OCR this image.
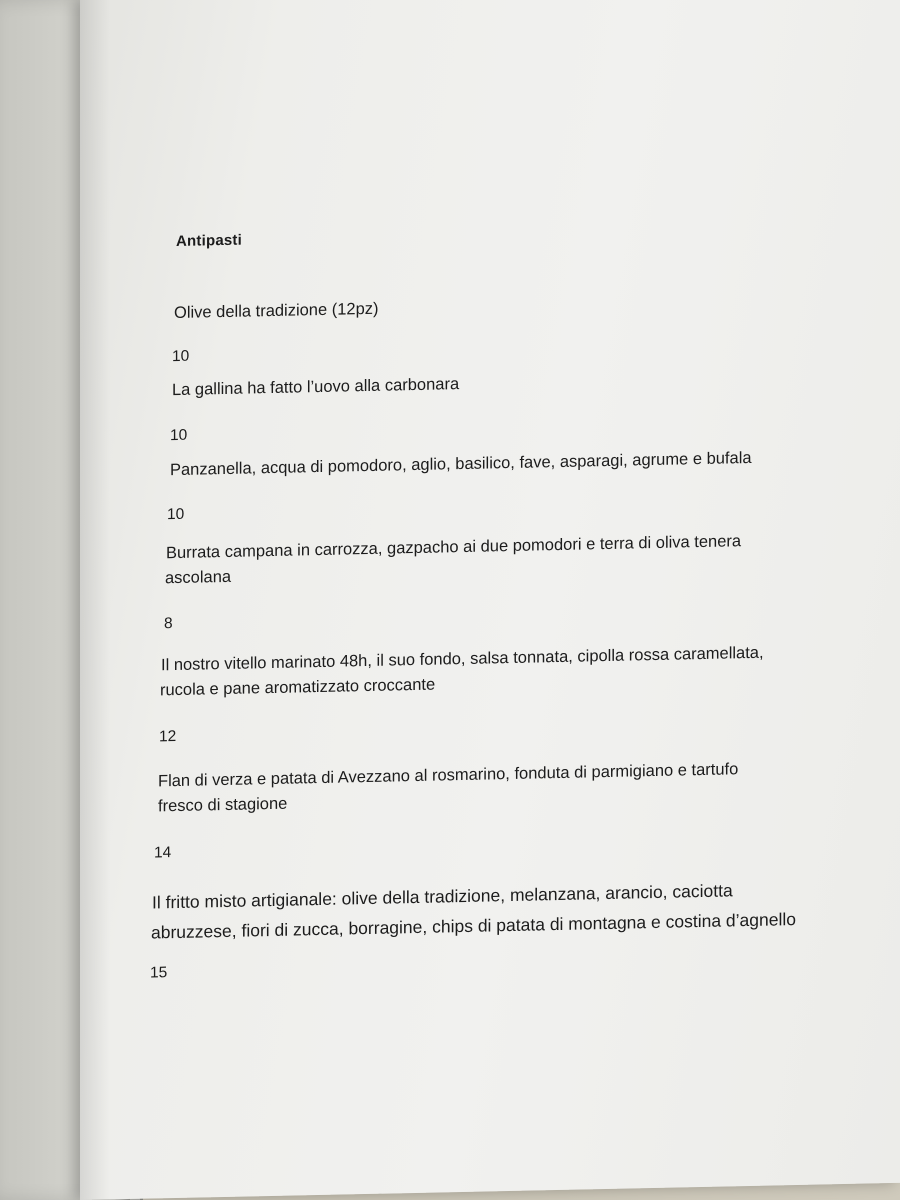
Antipasti
Olive della tradizione (12pz)
10
La gallina ha fatto l’uovo alla carbonara
10
Panzanella, acqua di pomodoro, aglio, basilico, fave, asparagi, agrume e bufala
10
Burrata campana in carrozza, gazpacho ai due pomodori e terra di oliva tenera
ascolana
8
Il nostro vitello marinato 48h, il suo fondo, salsa tonnata, cipolla rossa caramellata,
rucola e pane aromatizzato croccante
12
Flan di verza e patata di Avezzano al rosmarino, fonduta di parmigiano e tartufo
fresco di stagione
14
Il fritto misto artigianale: olive della tradizione, melanzana, arancio, caciotta
abruzzese, fiori di zucca, borragine, chips di patata di montagna e costina d’agnello
15
